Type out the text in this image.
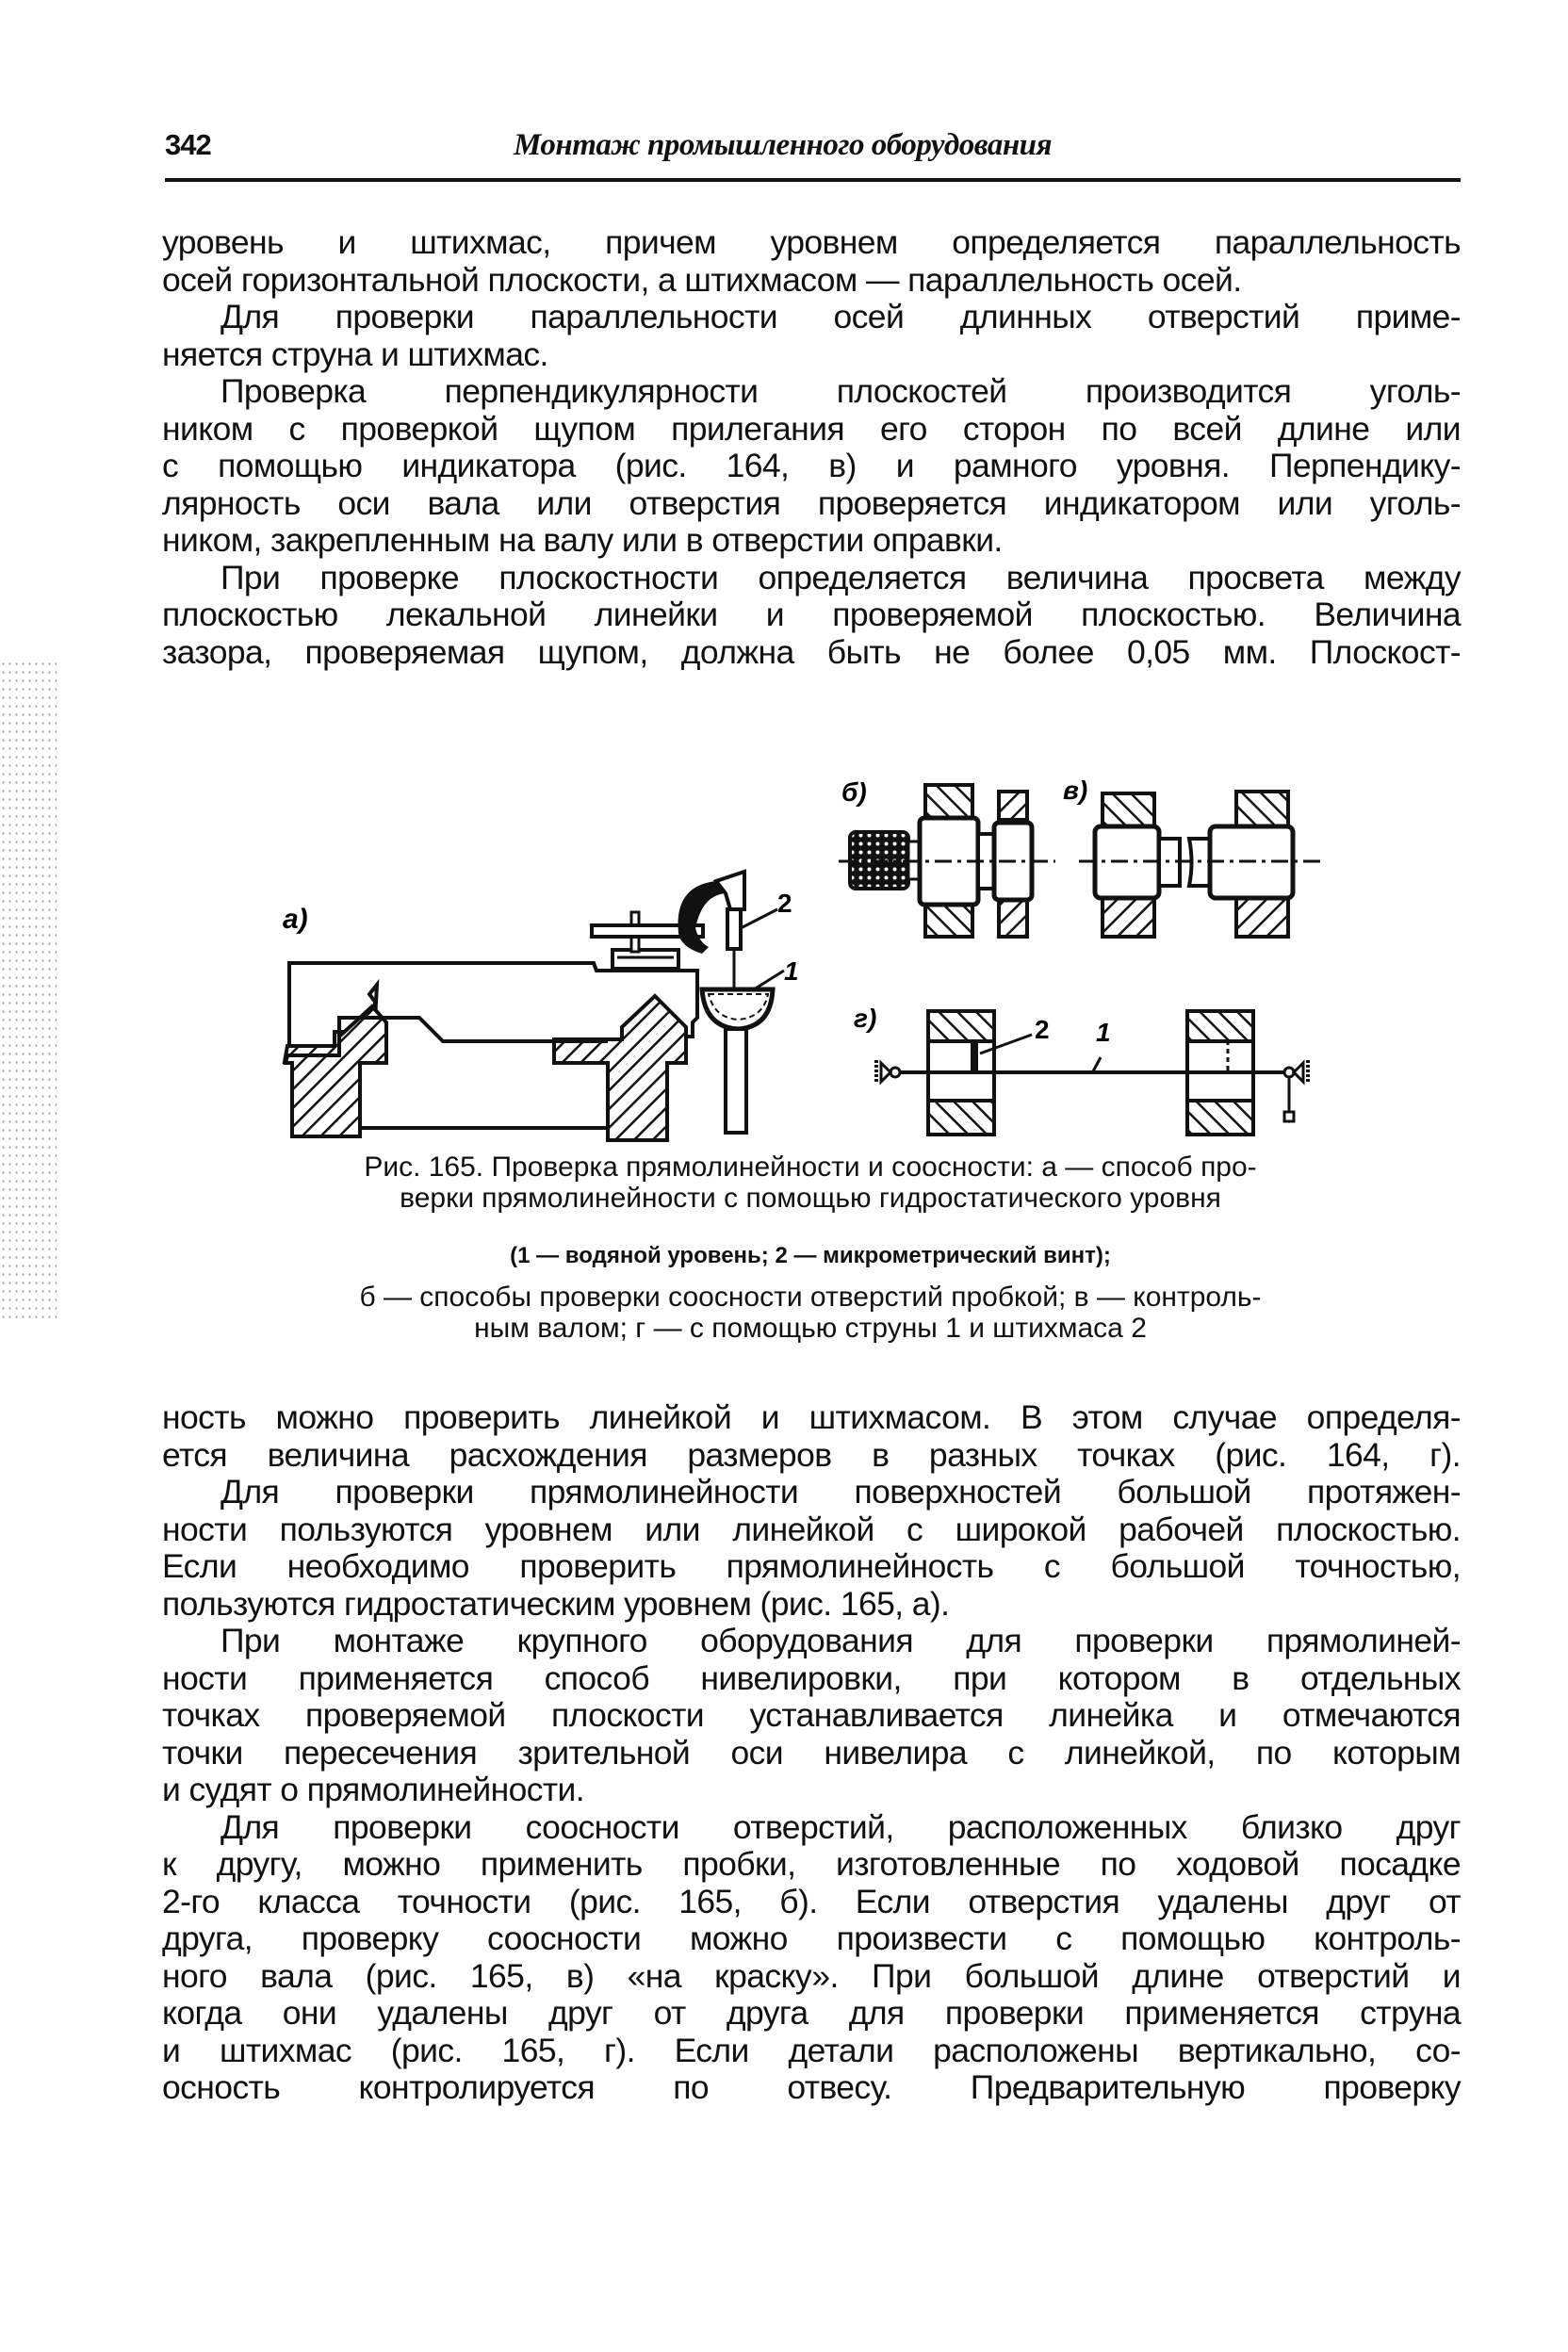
342	Монтаж промышленного оборудования
уровень и штихмас, причем уровнем определяется параллельность
осей горизонтальной плоскости, а штихмасом — параллельность осей.
Для проверки параллельности осей длинных отверстий приме-
няется струна и штихмас.
Проверка перпендикулярности плоскостей производится уголь-
ником с проверкой щупом прилегания его сторон по всей длине или
с помощью индикатора (рис. 164, в) и рамного уровня. Перпендику-
лярность оси вала или отверстия проверяется индикатором или уголь-
ником, закрепленным на валу или в отверстии оправки.
При проверке плоскостности определяется величина просвета между
плоскостью лекальной линейки и проверяемой плоскостью. Величина
зазора, проверяемая щупом, должна быть не более 0,05 мм. Плоскост-
а)
2
1
б)	в)
г)	2 1
Рис. 165. Проверка прямолинейности и соосности: а — способ про-
верки прямолинейности с помощью гидростатического уровня
(1 — водяной уровень; 2 — микрометрический винт);
б — способы проверки соосности отверстий пробкой; в — контроль-
ным валом; г — с помощью струны 1 и штихмаса 2
ность можно проверить линейкой и штихмасом. В этом случае определя-
ется величина расхождения размеров в разных точках (рис. 164, г).
Для проверки прямолинейности поверхностей большой протяжен-
ности пользуются уровнем или линейкой с широкой рабочей плоскостью.
Если необходимо проверить прямолинейность с большой точностью,
пользуются гидростатическим уровнем (рис. 165, а).
При монтаже крупного оборудования для проверки прямолиней-
ности применяется способ нивелировки, при котором в отдельных
точках проверяемой плоскости устанавливается линейка и отмечаются
точки пересечения зрительной оси нивелира с линейкой, по которым
и судят о прямолинейности.
Для проверки соосности отверстий, расположенных близко друг
к другу, можно применить пробки, изготовленные по ходовой посадке
2-го класса точности (рис. 165, б). Если отверстия удалены друг от
друга, проверку соосности можно произвести с помощью контроль-
ного вала (рис. 165, в) «на краску». При большой длине отверстий и
когда они удалены друг от друга для проверки применяется струна
и штихмас (рис. 165, г). Если детали расположены вертикально, со-
осность контролируется по отвесу. Предварительную проверку
